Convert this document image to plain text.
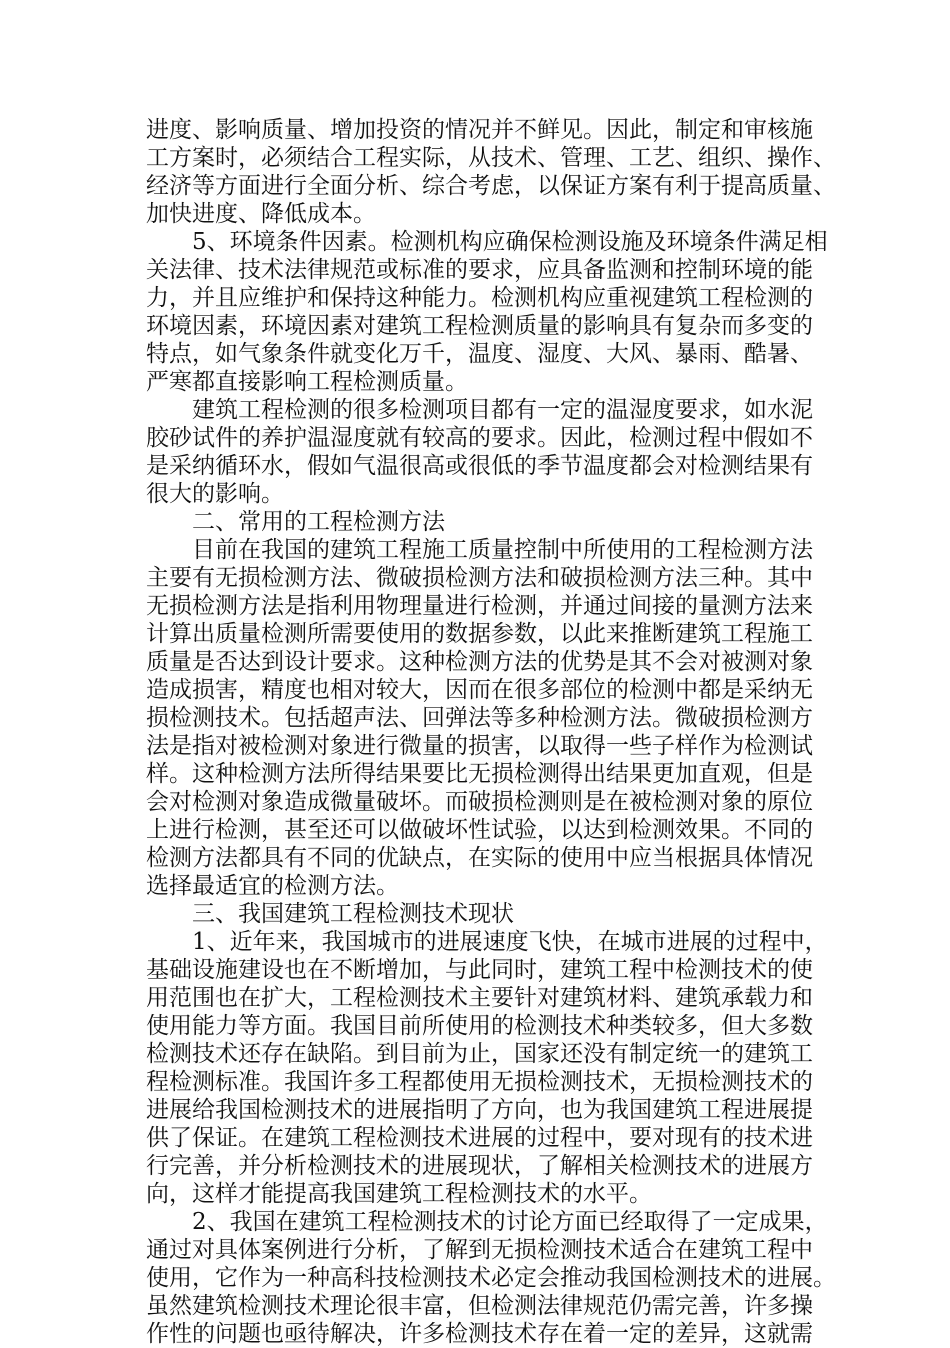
进度、影响质量、增加投资的情况并不鲜见。因此，制定和审核施
工方案时，必须结合工程实际，从技术、管理、工艺、组织、操作、
经济等方面进行全面分析、综合考虑，以保证方案有利于提高质量、
加快进度、降低成本。
5、环境条件因素。检测机构应确保检测设施及环境条件满足相
关法律、技术法律规范或标准的要求，应具备监测和控制环境的能
力，并且应维护和保持这种能力。检测机构应重视建筑工程检测的
环境因素，环境因素对建筑工程检测质量的影响具有复杂而多变的
特点，如气象条件就变化万千，温度、湿度、大风、暴雨、酷暑、
严寒都直接影响工程检测质量。
建筑工程检测的很多检测项目都有一定的温湿度要求，如水泥
胶砂试件的养护温湿度就有较高的要求。因此，检测过程中假如不
是采纳循环水，假如气温很高或很低的季节温度都会对检测结果有
很大的影响。
二、常用的工程检测方法
目前在我国的建筑工程施工质量控制中所使用的工程检测方法
主要有无损检测方法、微破损检测方法和破损检测方法三种。其中
无损检测方法是指利用物理量进行检测，并通过间接的量测方法来
计算出质量检测所需要使用的数据参数，以此来推断建筑工程施工
质量是否达到设计要求。这种检测方法的优势是其不会对被测对象
造成损害，精度也相对较大，因而在很多部位的检测中都是采纳无
损检测技术。包括超声法、回弹法等多种检测方法。微破损检测方
法是指对被检测对象进行微量的损害，以取得一些子样作为检测试
样。这种检测方法所得结果要比无损检测得出结果更加直观，但是
会对检测对象造成微量破坏。而破损检测则是在被检测对象的原位
上进行检测，甚至还可以做破坏性试验，以达到检测效果。不同的
检测方法都具有不同的优缺点，在实际的使用中应当根据具体情况
选择最适宜的检测方法。
三、我国建筑工程检测技术现状
1、近年来，我国城市的进展速度飞快，在城市进展的过程中，
基础设施建设也在不断增加，与此同时，建筑工程中检测技术的使
用范围也在扩大，工程检测技术主要针对建筑材料、建筑承载力和
使用能力等方面。我国目前所使用的检测技术种类较多，但大多数
检测技术还存在缺陷。到目前为止，国家还没有制定统一的建筑工
程检测标准。我国许多工程都使用无损检测技术，无损检测技术的
进展给我国检测技术的进展指明了方向，也为我国建筑工程进展提
供了保证。在建筑工程检测技术进展的过程中，要对现有的技术进
行完善，并分析检测技术的进展现状，了解相关检测技术的进展方
向，这样才能提高我国建筑工程检测技术的水平。
2、我国在建筑工程检测技术的讨论方面已经取得了一定成果，
通过对具体案例进行分析，了解到无损检测技术适合在建筑工程中
使用，它作为一种高科技检测技术必定会推动我国检测技术的进展。
虽然建筑检测技术理论很丰富，但检测法律规范仍需完善，许多操
作性的问题也亟待解决，许多检测技术存在着一定的差异，这就需
